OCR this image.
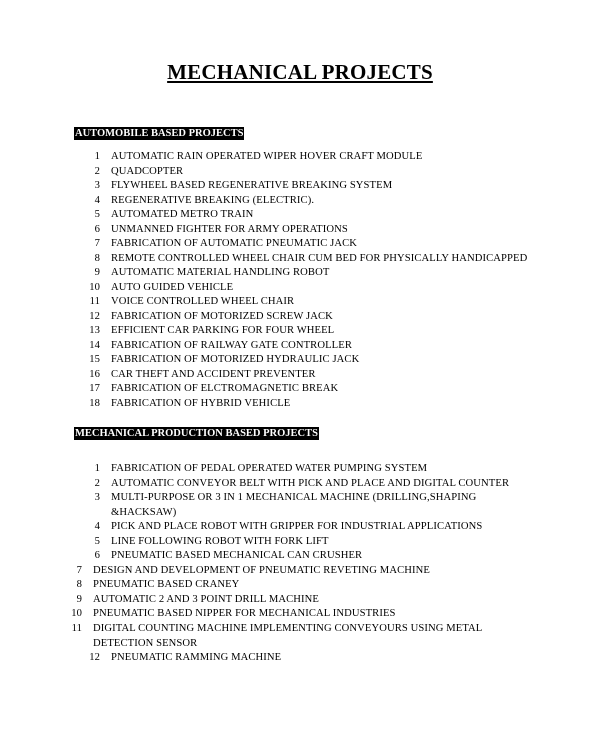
MECHANICAL PROJECTS
AUTOMOBILE BASED PROJECTS
1 AUTOMATIC RAIN OPERATED WIPER HOVER CRAFT MODULE
2 QUADCOPTER
3 FLYWHEEL BASED REGENERATIVE BREAKING SYSTEM
4 REGENERATIVE BREAKING (ELECTRIC).
5 AUTOMATED METRO TRAIN
6 UNMANNED FIGHTER FOR ARMY OPERATIONS
7 FABRICATION OF AUTOMATIC PNEUMATIC JACK
8 REMOTE CONTROLLED WHEEL CHAIR CUM BED FOR PHYSICALLY HANDICAPPED
9 AUTOMATIC MATERIAL HANDLING ROBOT
10 AUTO GUIDED VEHICLE
11 VOICE CONTROLLED WHEEL CHAIR
12 FABRICATION OF MOTORIZED SCREW JACK
13 EFFICIENT CAR PARKING FOR FOUR WHEEL
14 FABRICATION OF RAILWAY GATE CONTROLLER
15 FABRICATION OF MOTORIZED HYDRAULIC JACK
16 CAR THEFT AND ACCIDENT PREVENTER
17 FABRICATION OF ELCTROMAGNETIC BREAK
18 FABRICATION OF HYBRID VEHICLE
MECHANICAL PRODUCTION BASED PROJECTS
1 FABRICATION OF PEDAL OPERATED WATER PUMPING SYSTEM
2 AUTOMATIC CONVEYOR BELT WITH PICK AND PLACE AND DIGITAL COUNTER
3 MULTI-PURPOSE OR 3 IN 1 MECHANICAL MACHINE (DRILLING,SHAPING &HACKSAW)
4 PICK AND PLACE ROBOT WITH GRIPPER FOR INDUSTRIAL APPLICATIONS
5 LINE FOLLOWING ROBOT WITH FORK LIFT
6 PNEUMATIC BASED MECHANICAL CAN CRUSHER
7 DESIGN AND DEVELOPMENT OF PNEUMATIC REVETING MACHINE
8 PNEUMATIC BASED CRANEY
9 AUTOMATIC 2 AND 3 POINT DRILL MACHINE
10 PNEUMATIC BASED NIPPER FOR MECHANICAL INDUSTRIES
11 DIGITAL COUNTING MACHINE IMPLEMENTING CONVEYOURS USING METAL DETECTION SENSOR
12 PNEUMATIC RAMMING MACHINE
